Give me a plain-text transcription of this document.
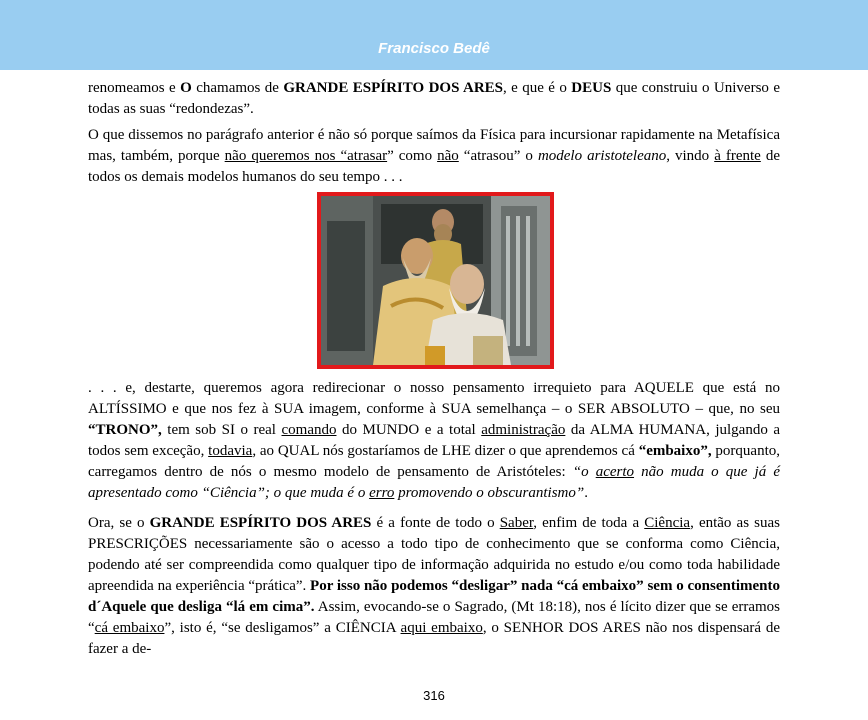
Francisco Bedê

renomeamos e O chamamos de GRANDE ESPÍRITO DOS ARES, e que é o DEUS que construiu o Universo e todas as suas “redondezas”.

O que dissemos no parágrafo anterior é não só porque saímos da Física para incursionar rapidamente na Metafísica mas, também, porque não queremos nos “atrasar” como não “atrasou” o modelo aristoteleano, vindo à frente de todos os demais modelos humanos do seu tempo . . .

. . . e, destarte, queremos agora redirecionar o nosso pensamento irrequieto para AQUELE que está no ALTÍSSIMO e que nos fez à SUA imagem, conforme à SUA semelhança – o SER ABSOLUTO – que, no seu “TRONO”, tem sob SI o real comando do MUNDO e a total administração da ALMA HUMANA, julgando a todos sem exceção, todavia, ao QUAL nós gostaríamos de LHE dizer o que aprendemos cá “embaixo”, porquanto, carregamos dentro de nós o mesmo modelo de pensamento de Aristóteles: “o acerto não muda o que já é apresentado como “Ciência”; o que muda é o erro promovendo o obscurantismo”.

Ora, se o GRANDE ESPÍRITO DOS ARES é a fonte de todo o Saber, enfim de toda a Ciência, então as suas PRESCRIÇÕES necessariamente são o acesso a todo tipo de conhecimento que se conforma como Ciência, podendo até ser compreendida como qualquer tipo de informação adquirida no estudo e/ou como toda habilidade apreendida na experiência “prática”. Por isso não podemos “desligar” nada “cá embaixo” sem o consentimento d´Aquele que desliga “lá em cima”. Assim, evocando-se o Sagrado, (Mt 18:18), nos é lícito dizer que se erramos “cá embaixo”, isto é, “se desligamos” a CIÊNCIA aqui embaixo, o SENHOR DOS ARES não nos dispensará de fazer a de-

316
